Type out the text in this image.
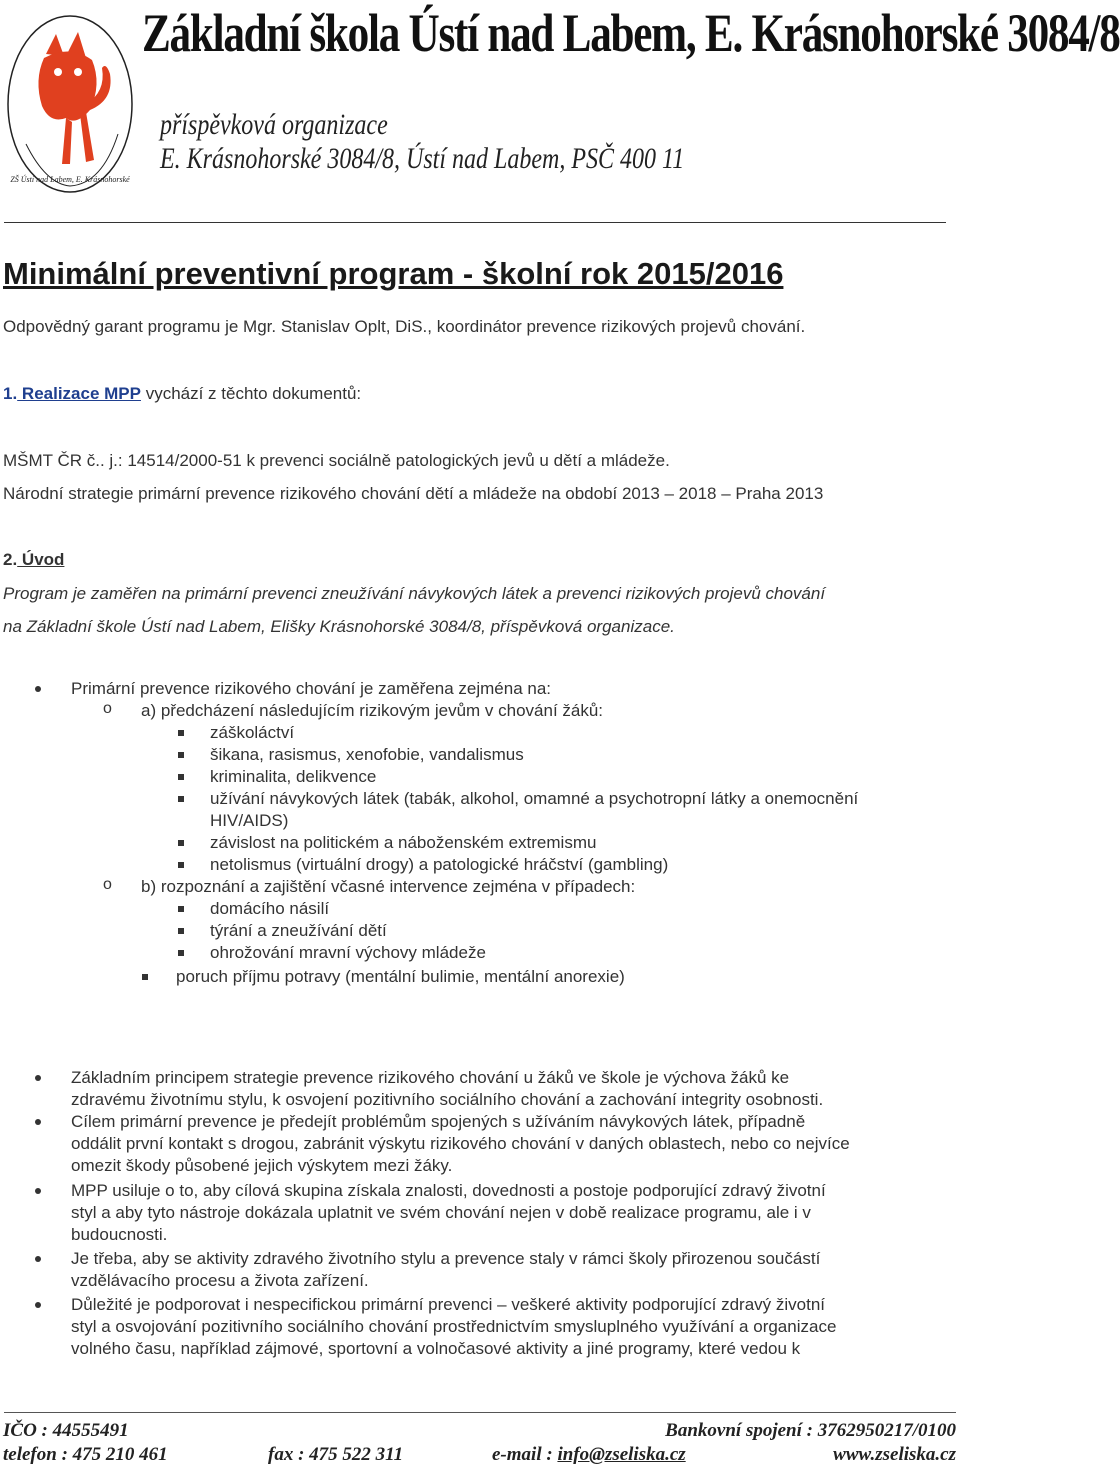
ZŠ Ústí nad Labem, E. Krásnohorské
Základní škola Ústí nad Labem, E. Krásnohorské 3084/8
příspěvková organizace
E. Krásnohorské 3084/8, Ústí nad Labem, PSČ 400 11
Minimální preventivní program - školní rok 2015/2016
Odpovědný garant programu je Mgr. Stanislav Oplt, DiS., koordinátor prevence rizikových projevů chování.
1. Realizace MPP vychází z těchto dokumentů:
MŠMT ČR č.. j.: 14514/2000-51 k prevenci sociálně patologických jevů u dětí a mládeže.
Národní strategie primární prevence rizikového chování dětí a mládeže na období 2013 – 2018 – Praha 2013
2. Úvod
Program je zaměřen na primární prevenci zneužívání návykových látek a prevenci rizikových projevů chování
na Základní škole Ústí nad Labem, Elišky Krásnohorské 3084/8, příspěvková organizace.
Primární prevence rizikového chování je zaměřena zejména na:
o a) předcházení následujícím rizikovým jevům v chování žáků:
záškoláctví
šikana, rasismus, xenofobie, vandalismus
kriminalita, delikvence
užívání návykových látek (tabák, alkohol, omamné a psychotropní látky a onemocnění
HIV/AIDS)
závislost na politickém a náboženském extremismu
netolismus (virtuální drogy) a patologické hráčství (gambling)
o b) rozpoznání a zajištění včasné intervence zejména v případech:
domácího násilí
týrání a zneužívání dětí
ohrožování mravní výchovy mládeže
poruch příjmu potravy (mentální bulimie, mentální anorexie)
Základním principem strategie prevence rizikového chování u žáků ve škole je výchova žáků ke
zdravému životnímu stylu, k osvojení pozitivního sociálního chování a zachování integrity osobnosti.
Cílem primární prevence je předejít problémům spojených s užíváním návykových látek, případně
oddálit první kontakt s drogou, zabránit výskytu rizikového chování v daných oblastech, nebo co nejvíce
omezit škody působené jejich výskytem mezi žáky.
MPP usiluje o to, aby cílová skupina získala znalosti, dovednosti a postoje podporující zdravý životní
styl a aby tyto nástroje dokázala uplatnit ve svém chování nejen v době realizace programu, ale i v
budoucnosti.
Je třeba, aby se aktivity zdravého životního stylu a prevence staly v rámci školy přirozenou součástí
vzdělávacího procesu a života zařízení.
Důležité je podporovat i nespecifickou primární prevenci – veškeré aktivity podporující zdravý životní
styl a osvojování pozitivního sociálního chování prostřednictvím smysluplného využívání a organizace
volného času, například zájmové, sportovní a volnočasové aktivity a jiné programy, které vedou k
IČO : 44555491	Bankovní spojení : 3762950217/0100
telefon : 475 210 461	fax : 475 522 311	e-mail : info@zseliska.cz	www.zseliska.cz
